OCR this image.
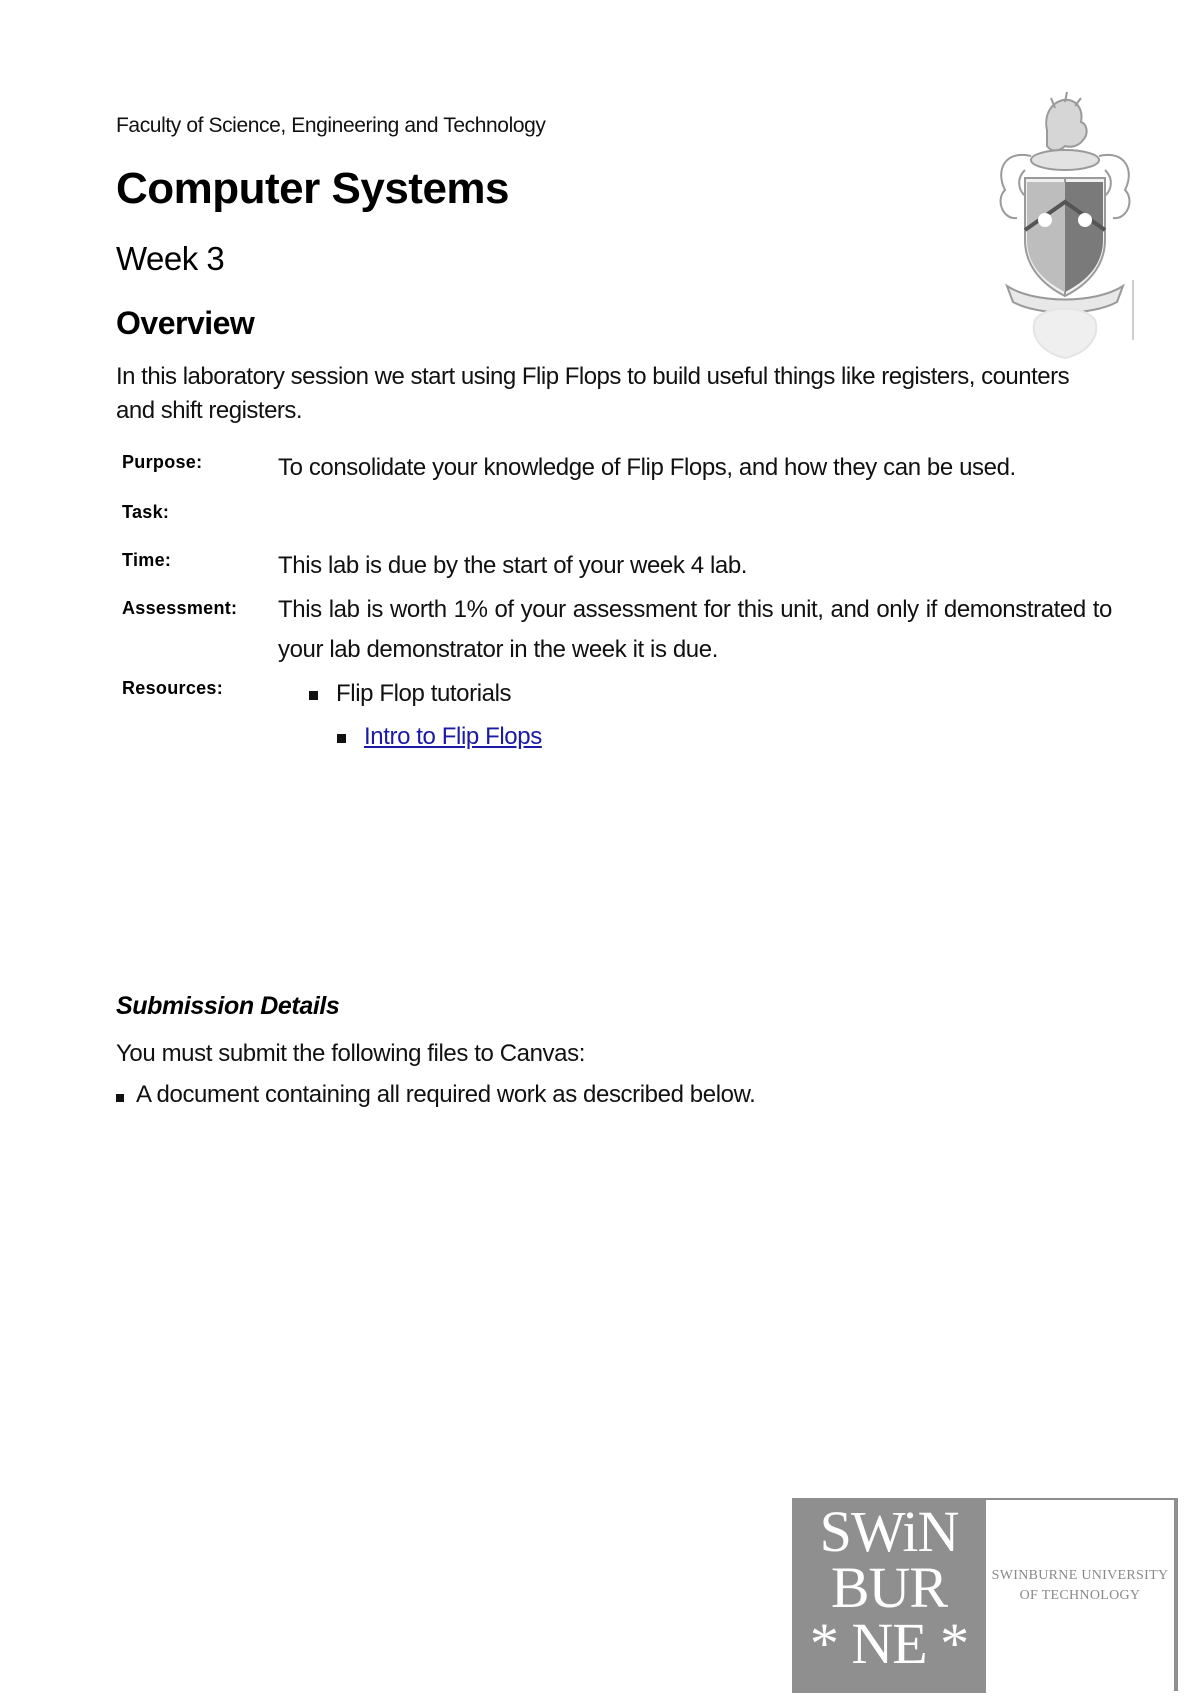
Faculty of Science, Engineering and Technology
Computer Systems
Week 3
Overview
In this laboratory session we start using Flip Flops to build useful things like registers, counters and shift registers.
Purpose:	To consolidate your knowledge of Flip Flops, and how they can be used.
Task:
Time:	This lab is due by the start of your week 4 lab.
Assessment:	This lab is worth 1% of your assessment for this unit, and only if demonstrated to your lab demonstrator in the week it is due.
Resources:	Flip Flop tutorials
Intro to Flip Flops
Submission Details
You must submit the following files to Canvas:
A document containing all required work as described below.
SWiN
BUR
* NE *
SWINBURNE UNIVERSITY
OF TECHNOLOGY
